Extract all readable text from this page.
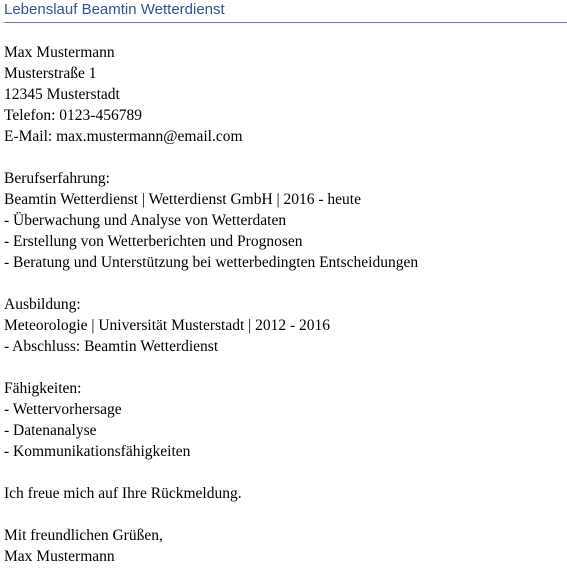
Lebenslauf Beamtin Wetterdienst
Max Mustermann
Musterstraße 1
12345 Musterstadt
Telefon: 0123-456789
E-Mail: max.mustermann@email.com
Berufserfahrung:
Beamtin Wetterdienst | Wetterdienst GmbH | 2016 - heute
- Überwachung und Analyse von Wetterdaten
- Erstellung von Wetterberichten und Prognosen
- Beratung und Unterstützung bei wetterbedingten Entscheidungen
Ausbildung:
Meteorologie | Universität Musterstadt | 2012 - 2016
- Abschluss: Beamtin Wetterdienst
Fähigkeiten:
- Wettervorhersage
- Datenanalyse
- Kommunikationsfähigkeiten
Ich freue mich auf Ihre Rückmeldung.
Mit freundlichen Grüßen,
Max Mustermann
